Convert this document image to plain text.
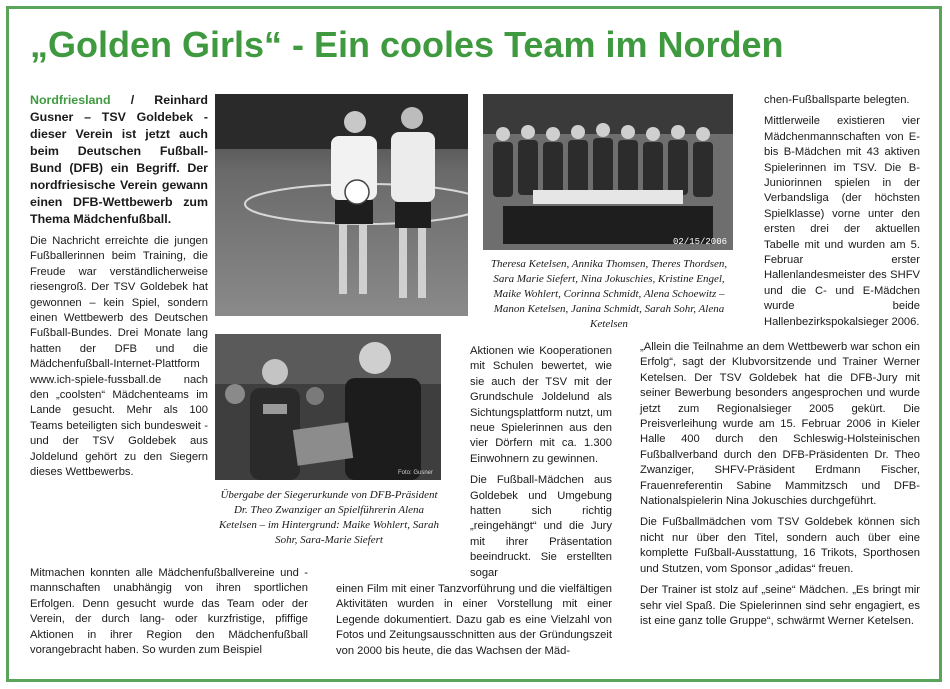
„Golden Girls“ - Ein cooles Team im Norden

Nordfriesland / Reinhard Gusner – TSV Goldebek - dieser Verein ist jetzt auch beim Deutschen Fußball-Bund (DFB) ein Begriff. Der nordfriesische Verein gewann einen DFB-Wettbewerb zum Thema Mädchenfußball.

Die Nachricht erreichte die jungen Fußballerinnen beim Training, die Freude war verständlicherweise riesengroß. Der TSV Goldebek hat gewonnen – kein Spiel, sondern einen Wettbewerb des Deutschen Fußball-Bundes. Drei Monate lang hatten der DFB und die Mädchenfußball-Internet-Plattform www.ich-spiele-fussball.de nach den „coolsten“ Mädchenteams im Lande gesucht. Mehr als 100 Teams beteiligten sich bundesweit - und der TSV Goldebek aus Joldelund gehört zu den Siegern dieses Wettbewerbs.

02/15/2006
Theresa Ketelsen, Annika Thomsen, Theres Thordsen, Sara Marie Siefert, Nina Jokuschies, Kristine Engel, Maike Wohlert, Corinna Schmidt, Alena Schoewitz – Manon Ketelsen, Janina Schmidt, Sarah Sohr, Alena Ketelsen

chen-Fußballsparte belegten.

Mittlerweile existieren vier Mädchenmannschaften von E- bis B-Mädchen mit 43 aktiven Spielerinnen im TSV. Die B-Juniorinnen spielen in der Verbandsliga (der höchsten Spielklasse) vorne unter den ersten drei der aktuellen Tabelle mit und wurden am 5. Februar erster Hallenlandesmeister des SHFV und die C- und E-Mädchen wurde beide Hallenbezirkspokalsieger 2006.

Foto: Gusner
Übergabe der Siegerurkunde von DFB-Präsident Dr. Theo Zwanziger an Spielführerin Alena Ketelsen – im Hintergrund: Maike Wohlert, Sarah Sohr, Sara-Marie Siefert

Aktionen wie Kooperationen mit Schulen bewertet, wie sie auch der TSV mit der Grundschule Joldelund als Sichtungsplattform nutzt, um neue Spielerinnen aus den vier Dörfern mit ca. 1.300 Einwohnern zu gewinnen.

Die Fußball-Mädchen aus Goldebek und Umgebung hatten sich richtig „reingehängt“ und die Jury mit ihrer Präsentation beeindruckt. Sie erstellten sogar

Mitmachen konnten alle Mädchenfußballvereine und -mannschaften unabhängig von ihren sportlichen Erfolgen. Denn gesucht wurde das Team oder der Verein, der durch lang- oder kurzfristige, pfiffige Aktionen in ihrer Region den Mädchenfußball vorangebracht haben. So wurden zum Beispiel

einen Film mit einer Tanzvorführung und die vielfältigen Aktivitäten wurden in einer Vorstellung mit einer Legende dokumentiert. Dazu gab es eine Vielzahl von Fotos und Zeitungsausschnitten aus der Gründungszeit von 2000 bis heute, die das Wachsen der Mäd-

„Allein die Teilnahme an dem Wettbewerb war schon ein Erfolg“, sagt der Klubvorsitzende und Trainer Werner Ketelsen. Der TSV Goldebek hat die DFB-Jury mit seiner Bewerbung besonders angesprochen und wurde jetzt zum Regionalsieger 2005 gekürt. Die Preisverleihung wurde am 15. Februar 2006 in Kieler Halle 400 durch den Schleswig-Holsteinischen Fußballverband durch den DFB-Präsidenten Dr. Theo Zwanziger, SHFV-Präsident Erdmann Fischer, Frauenreferentin Sabine Mammitzsch und DFB-Nationalspielerin Nina Jokuschies durchgeführt.

Die Fußballmädchen vom TSV Goldebek können sich nicht nur über den Titel, sondern auch über eine komplette Fußball-Ausstattung, 16 Trikots, Sporthosen und Stutzen, vom Sponsor „adidas“ freuen.

Der Trainer ist stolz auf „seine“ Mädchen. „Es bringt mir sehr viel Spaß. Die Spielerinnen sind sehr engagiert, es ist eine ganz tolle Gruppe“, schwärmt Werner Ketelsen.
